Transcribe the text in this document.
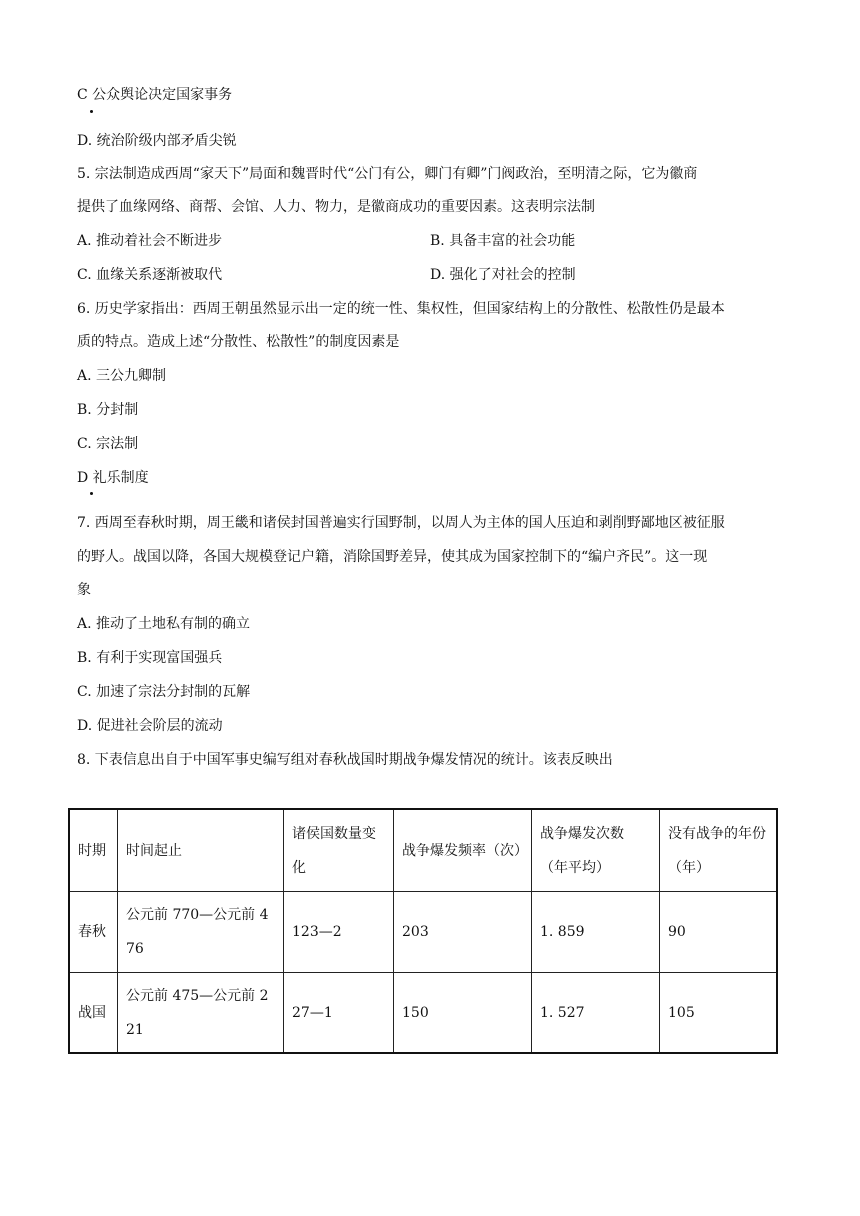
C 公众舆论决定国家事务
D. 统治阶级内部矛盾尖锐
5. 宗法制造成西周“家天下”局面和魏晋时代“公门有公，卿门有卿”门阀政治，至明清之际，它为徽商
提供了血缘网络、商帮、会馆、人力、物力，是徽商成功的重要因素。这表明宗法制
A. 推动着社会不断进步	B. 具备丰富的社会功能
C. 血缘关系逐渐被取代	D. 强化了对社会的控制
6. 历史学家指出：西周王朝虽然显示出一定的统一性、集权性，但国家结构上的分散性、松散性仍是最本
质的特点。造成上述“分散性、松散性”的制度因素是
A. 三公九卿制
B. 分封制
C. 宗法制
D 礼乐制度
7. 西周至春秋时期，周王畿和诸侯封国普遍实行国野制，以周人为主体的国人压迫和剥削野鄙地区被征服
的野人。战国以降，各国大规模登记户籍，消除国野差异，使其成为国家控制下的“编户齐民”。这一现
象
A. 推动了土地私有制的确立
B. 有利于实现富国强兵
C. 加速了宗法分封制的瓦解
D. 促进社会阶层的流动
8. 下表信息出自于中国军事史编写组对春秋战国时期战争爆发情况的统计。该表反映出
时期	时间起止	诸侯国数量变化	战争爆发频率（次）	战争爆发次数（年平均）	没有战争的年份（年）
春秋	公元前 770—公元前 476	123—2	203	1. 859	90
战国	公元前 475—公元前 221	27—1	150	1. 527	105
